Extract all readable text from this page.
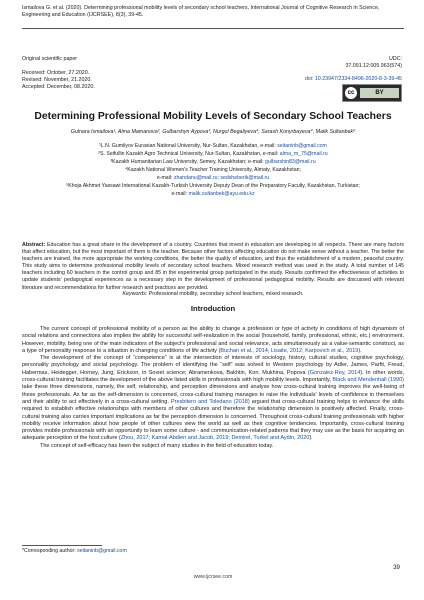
Ismailova G. et al. (2020). Determining professional mobility levels of secondary school teachers, International Journal of Cognitive Research in Science, Engineering and Education (IJCRSEE), 8(3), 39-45.
Original scientific paper
Received: October, 27.2020.
Revised: November, 21.2020.
Accepted: December, 08.2020.
UDC:
37.091.12:005.963(574)
doi: 10.23947/2334-8496-2020-8-3-39-45
cc	BY
Determining Professional Mobility Levels of Secondary School Teachers
Gulnara Ismailova¹, Alma Mamanova², Gulbarshyn Aypova³, Nurgul Begaliyeva⁴, Sarash Konyrbayeva⁴, Malik Sultanbek⁵
¹L.N. Gumilyov Eurasian National University, Nur-Sultan, Kazakhstan, e-mail: seitaninb@gmail.com
²S. Seifullin Kazakh Agro Technical University, Nur-Sultan, Kazakhstan, e-mail: alma_m_75@mail.ru
³Kazakh Humanitarian Law University, Semey, Kazakhstan; e-mail: gulbarshin83@mail.ru
⁴Kazakh National Women's Teacher Training University, Almaty, Kazakhstan;
e-mail: zhandanu@mail.ru; sedsheberik@mail.ru
⁵Khoja Akhmet Yassawi International Kazakh-Turkish University Deputy Dean of the Preparatory Faculty, Kazakhstan, Turkistan;
e-mail: malik.sultanbek@ayu.edu.kz
Abstract: Education has a great share in the development of a country. Countries that invest in education are developing in all respects. There are many factors that affect education, but the most important of them is the teacher. Because other factors affecting education do not make sense without a teacher. The better the teachers are trained, the more appropriate the working conditions, the better the quality of education, and thus the establishment of a modern, peaceful country. This study aims to determine professional mobility levels of secondary school teachers. Mixed research method was used in the study. A total number of 145 teachers including 60 teachers in the control group and 85 in the experimental group participated in the study. Results confirmed the effectiveness of activities to update students' pedagogical experiences as a necessary step in the development of professional pedagogical mobility. Results are discussed with relevant literature and recommendations for further research and practices are provided.
Keywords: Professional mobility, secondary school teachers, mixed research.
Introduction

The current concept of professional mobility of a person as the ability to change a profession or type of activity in conditions of high dynamism of social relations and connections also implies the ability for successful self-realization in the social (household, family, professional, ethnic, etc.) environment. However, mobility, being one of the main indicators of the subject's professional and social relevance, acts simultaneously as a value-semantic construct, as a type of personality response to a situation in changing conditions of life activity (Buchan et al., 2014; Lisaite, 2012; Karpovich et al., 2019).

The development of the concept of “competence” is at the intersection of interests of sociology, history, cultural studies, cognitive psychology, personality psychology and social psychology. The problem of identifying the “self” was solved in Western psychology by Adler, James, Parfit, Freud, Habermas, Heidegger, Horney, Jung, Erickson, in Soviet science; Abramenkova, Bakhtin, Kon, Mukhina, Popova (Gonzalez-Rey, 2014). In other words, cross-cultural training facilitates the development of the above listed skills in professionals with high mobility levels. Importantly, Black and Mendenhall (1990) take these three dimensions, namely, the self, relationship, and perception dimensions and analyse how cross-cultural training improves the well-being of these professionals. As far as the self-dimension is concerned, cross-cultural training manages to raise the individuals' levels of confidence in themselves and their ability to act effectively in a cross-cultural setting. Presbitero and Toledano (2018) argued that cross-cultural training helps to enhance the skills required to establish effective relationships with members of other cultures and therefore the relationship dimension is positively affected. Finally, cross-cultural training also carries important implications as far the perception dimension is concerned. Throughout cross-cultural training professionals with higher mobility receive information about how people of other cultures view the world as well as their cognitive tendencies. Importantly, cross-cultural training provides mobile professionals with an opportunity to learn some culture - and communication-related patterns that they may use as the basis for acquiring an adequate perception of the host culture (Zhou, 2017; Kamal-Abdien and Jacob, 2019; Demirel, Turkel and Aydin, 2020).

The concept of self-efficacy has been the subject of many studies in the field of education today.

*Corresponding author: seitaninb@gmail.com
39
www.ijcrsee.com
